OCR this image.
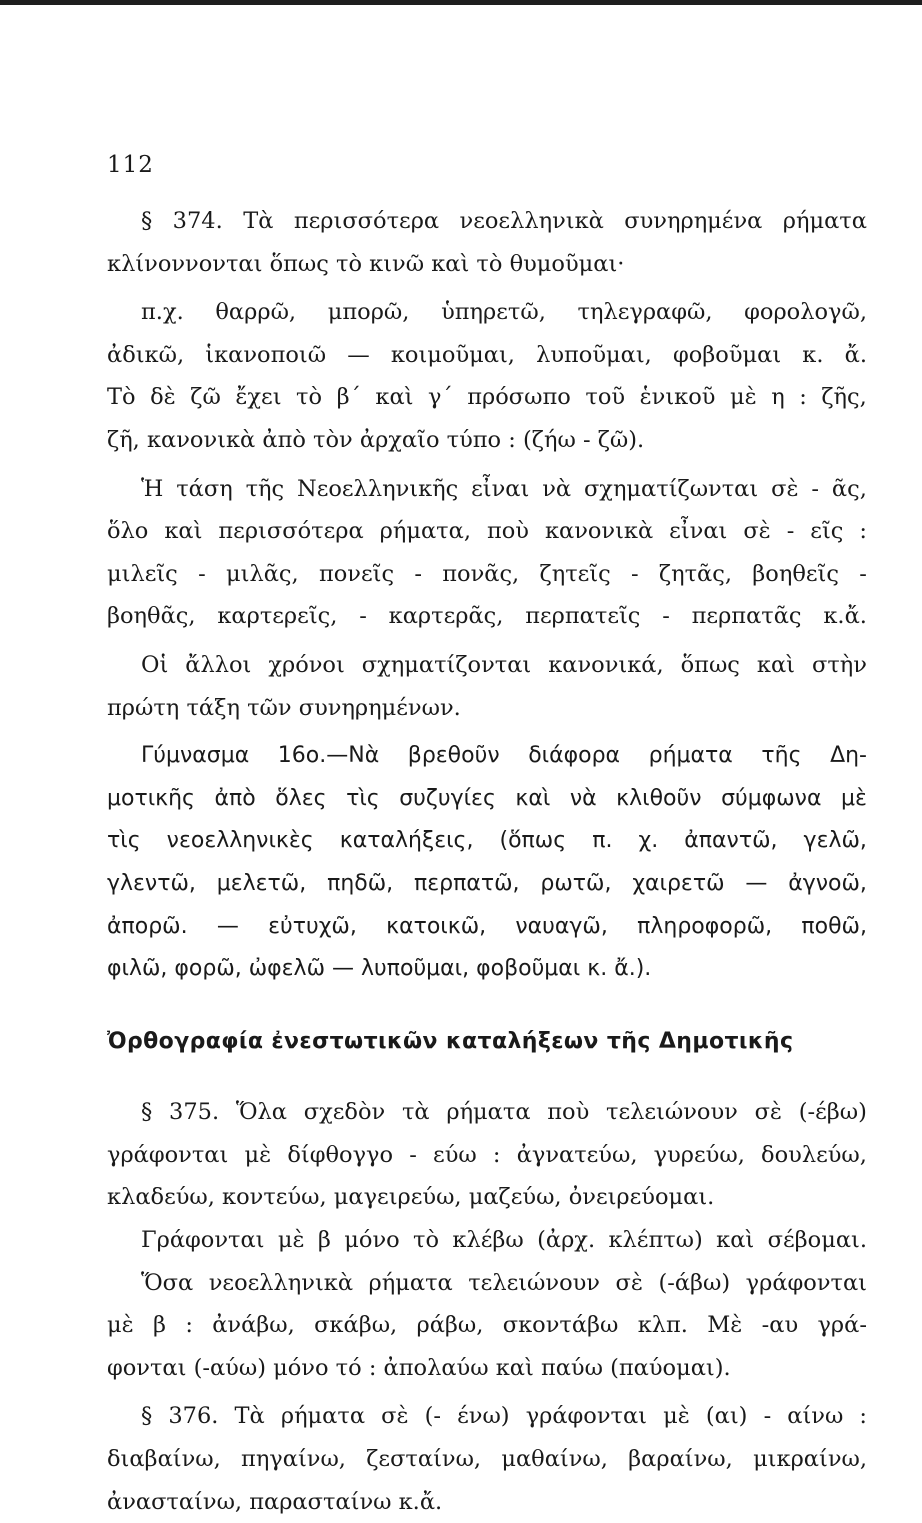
112
§ 374. Τὰ περισσότερα νεοελληνικὰ συνηρημένα ρήματα
κλίνοννονται ὅπως τὸ κινῶ καὶ τὸ θυμοῦμαι·
π.χ. θαρρῶ, μπορῶ, ὑπηρετῶ, τηλεγραφῶ, φορολογῶ,
ἀδικῶ, ἱκανοποιῶ — κοιμοῦμαι, λυποῦμαι, φοβοῦμαι κ. ἄ.
Τὸ δὲ ζῶ ἔχει τὸ β΄ καὶ γ΄ πρόσωπο τοῦ ἑνικοῦ μὲ η : ζῆς,
ζῆ, κανονικὰ ἀπὸ τὸν ἀρχαῖο τύπο : (ζήω - ζῶ).
Ἡ τάση τῆς Νεοελληνικῆς εἶναι νὰ σχηματίζωνται σὲ - ᾶς,
ὅλο καὶ περισσότερα ρήματα, ποὺ κανονικὰ εἶναι σὲ - εῖς :
μιλεῖς - μιλᾶς, πονεῖς - πονᾶς, ζητεῖς - ζητᾶς, βοηθεῖς -
βοηθᾶς, καρτερεῖς, - καρτερᾶς, περπατεῖς - περπατᾶς κ.ἄ.
Οἱ ἄλλοι χρόνοι σχηματίζονται κανονικά, ὅπως καὶ στὴν
πρώτη τάξη τῶν συνηρημένων.
Γύμνασμα 16ο.—Νὰ βρεθοῦν διάφορα ρήματα τῆς Δη-
μοτικῆς ἀπὸ ὅλες τὶς συζυγίες καὶ νὰ κλιθοῦν σύμφωνα μὲ
τὶς νεοελληνικὲς καταλήξεις, (ὅπως π. χ. ἀπαντῶ, γελῶ,
γλεντῶ, μελετῶ, πηδῶ, περπατῶ, ρωτῶ, χαιρετῶ — ἀγνοῶ,
ἀπορῶ. — εὐτυχῶ, κατοικῶ, ναυαγῶ, πληροφορῶ, ποθῶ,
φιλῶ, φορῶ, ὠφελῶ — λυποῦμαι, φοβοῦμαι κ. ἄ.).
Ὀρθογραφία ἐνεστωτικῶν καταλήξεων τῆς Δημοτικῆς
§ 375. Ὅλα σχεδὸν τὰ ρήματα ποὺ τελειώνουν σὲ (-έβω)
γράφονται μὲ δίφθογγο - εύω : ἀγνατεύω, γυρεύω, δουλεύω,
κλαδεύω, κοντεύω, μαγειρεύω, μαζεύω, ὀνειρεύομαι.
Γράφονται μὲ β μόνο τὸ κλέβω (ἀρχ. κλέπτω) καὶ σέβομαι.
Ὅσα νεοελληνικὰ ρήματα τελειώνουν σὲ (-άβω) γράφονται
μὲ β : ἀνάβω, σκάβω, ράβω, σκοντάβω κλπ. Μὲ -αυ γρά-
φονται (-αύω) μόνο τό : ἀπολαύω καὶ παύω (παύομαι).
§ 376. Τὰ ρήματα σὲ (- ένω) γράφονται μὲ (αι) - αίνω :
διαβαίνω, πηγαίνω, ζεσταίνω, μαθαίνω, βαραίνω, μικραίνω,
ἀνασταίνω, παρασταίνω κ.ἄ.
